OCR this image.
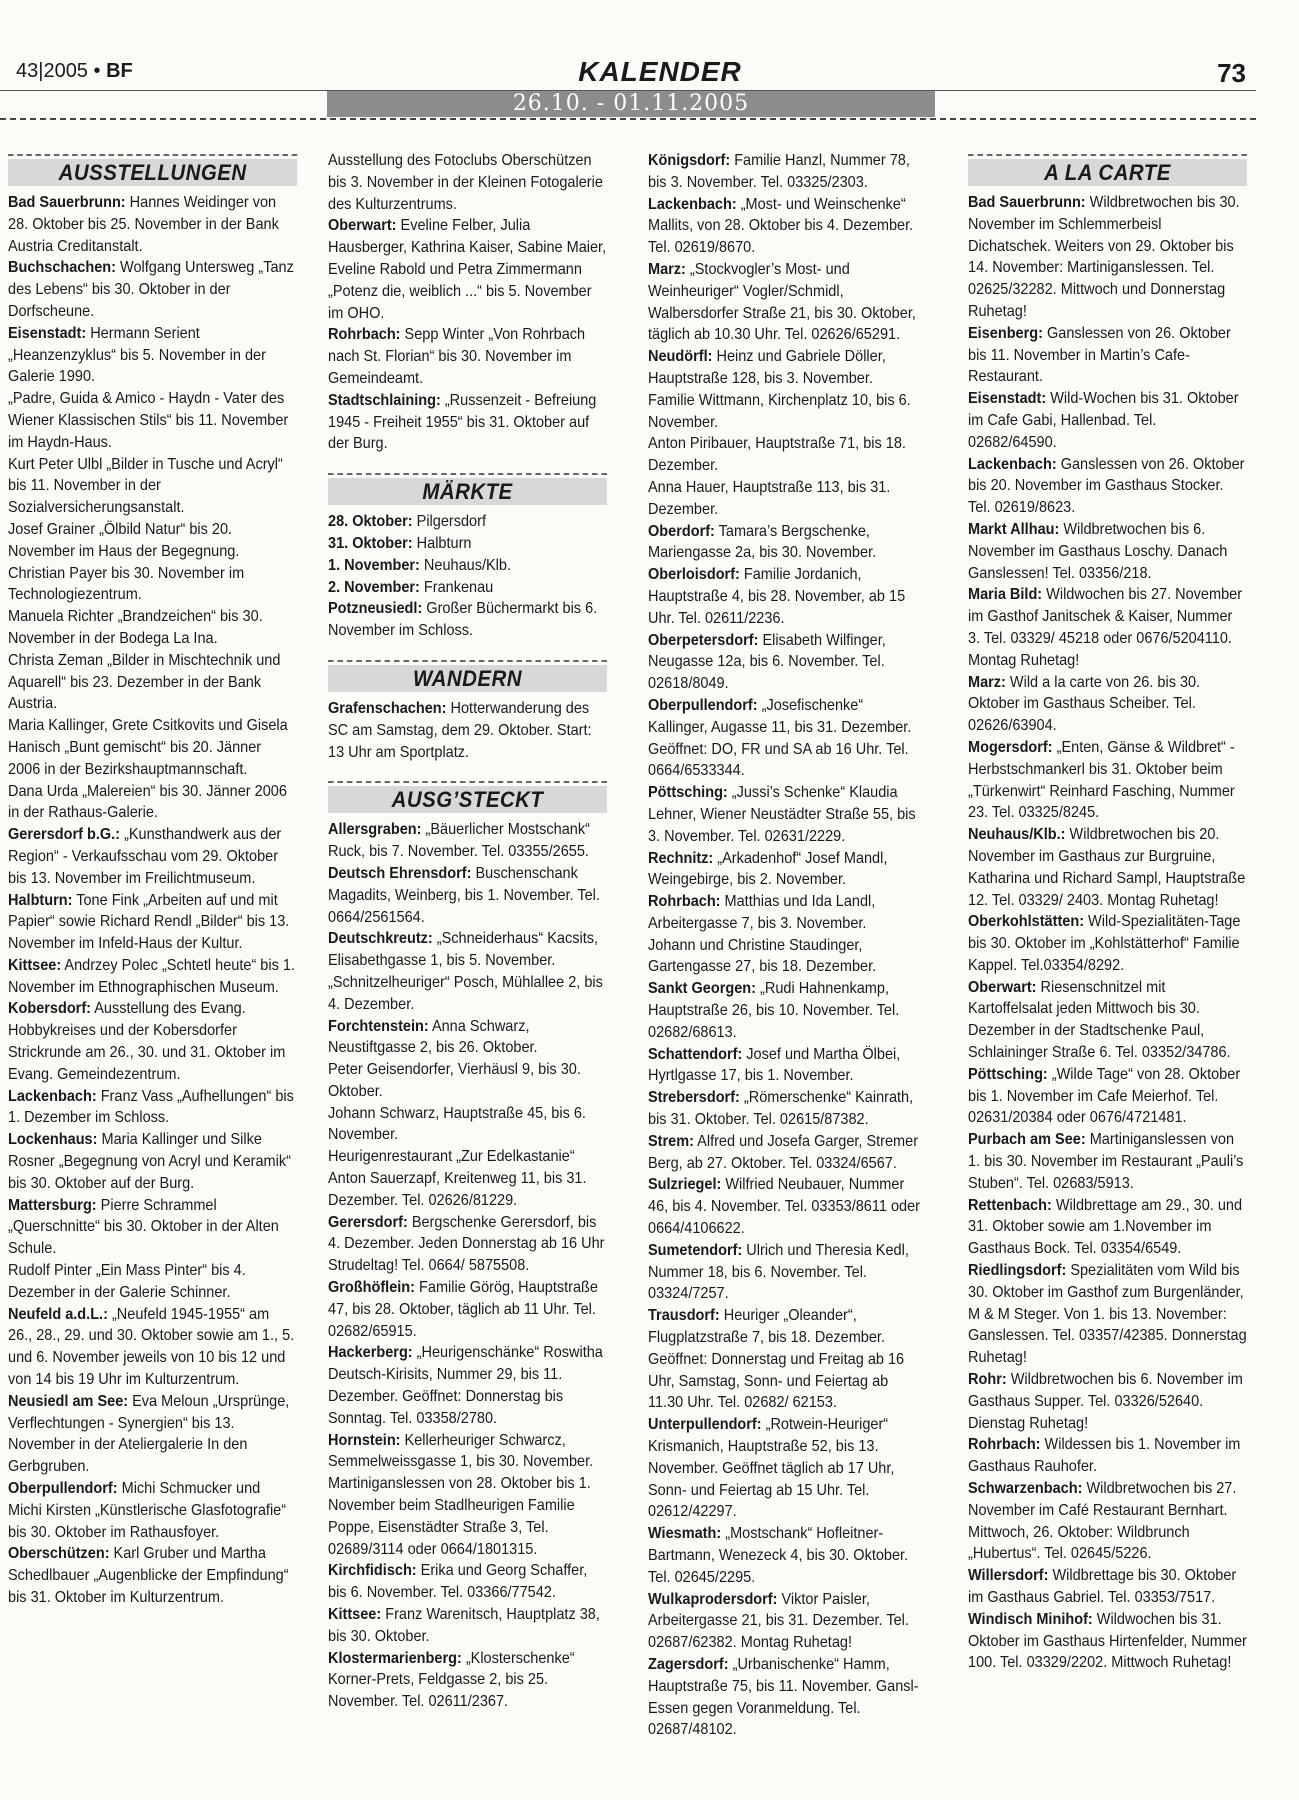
43|2005 • BF	KALENDER	73
26.10. - 01.11.2005
AUSSTELLUNGEN

Bad Sauerbrunn: Hannes Weidinger von 28. Oktober bis 25. November in der Bank Austria Creditanstalt.

Buchschachen: Wolfgang Untersweg „Tanz des Lebens“ bis 30. Oktober in der Dorfscheune.

Eisenstadt: Hermann Serient „Heanzenzyklus“ bis 5. November in der Galerie 1990.

„Padre, Guida & Amico - Haydn - Vater des Wiener Klassischen Stils“ bis 11. November im Haydn-Haus.

Kurt Peter Ulbl „Bilder in Tusche und Acryl“ bis 11. November in der Sozialversicherungsanstalt.

Josef Grainer „Ölbild Natur“ bis 20. November im Haus der Begegnung.

Christian Payer bis 30. November im Technologiezentrum.

Manuela Richter „Brandzeichen“ bis 30. November in der Bodega La Ina.

Christa Zeman „Bilder in Mischtechnik und Aquarell“ bis 23. Dezember in der Bank Austria.

Maria Kallinger, Grete Csitkovits und Gisela Hanisch „Bunt gemischt“ bis 20. Jänner 2006 in der Bezirkshauptmannschaft.

Dana Urda „Malereien“ bis 30. Jänner 2006 in der Rathaus-Galerie.

Gerersdorf b.G.: „Kunsthandwerk aus der Region“ - Verkaufsschau vom 29. Oktober bis 13. November im Freilichtmuseum.

Halbturn: Tone Fink „Arbeiten auf und mit Papier“ sowie Richard Rendl „Bilder“ bis 13. November im Infeld-Haus der Kultur.

Kittsee: Andrzey Polec „Schtetl heute“ bis 1. November im Ethnographischen Museum.

Kobersdorf: Ausstellung des Evang. Hobbykreises und der Kobersdorfer Strickrunde am 26., 30. und 31. Oktober im Evang. Gemeindezentrum.

Lackenbach: Franz Vass „Aufhellungen“ bis 1. Dezember im Schloss.

Lockenhaus: Maria Kallinger und Silke Rosner „Begegnung von Acryl und Keramik“ bis 30. Oktober auf der Burg.

Mattersburg: Pierre Schrammel „Querschnitte“ bis 30. Oktober in der Alten Schule.

Rudolf Pinter „Ein Mass Pinter“ bis 4. Dezember in der Galerie Schinner.

Neufeld a.d.L.: „Neufeld 1945-1955“ am 26., 28., 29. und 30. Oktober sowie am 1., 5. und 6. November jeweils von 10 bis 12 und von 14 bis 19 Uhr im Kulturzentrum.

Neusiedl am See: Eva Meloun „Ursprünge, Verflechtungen - Synergien“ bis 13. November in der Ateliergalerie In den Gerbgruben.

Oberpullendorf: Michi Schmucker und Michi Kirsten „Künstlerische Glasfotografie“ bis 30. Oktober im Rathausfoyer.

Oberschützen: Karl Gruber und Martha Schedlbauer „Augenblicke der Empfindung“ bis 31. Oktober im Kulturzentrum.

Ausstellung des Fotoclubs Oberschützen bis 3. November in der Kleinen Fotogalerie des Kulturzentrums.

Oberwart: Eveline Felber, Julia Hausberger, Kathrina Kaiser, Sabine Maier, Eveline Rabold und Petra Zimmermann „Potenz die, weiblich ...“ bis 5. November im OHO.

Rohrbach: Sepp Winter „Von Rohrbach nach St. Florian“ bis 30. November im Gemeindeamt.

Stadtschlaining: „Russenzeit - Befreiung 1945 - Freiheit 1955“ bis 31. Oktober auf der Burg.

MÄRKTE

28. Oktober: Pilgersdorf

31. Oktober: Halbturn

1. November: Neuhaus/Klb.

2. November: Frankenau

Potzneusiedl: Großer Büchermarkt bis 6. November im Schloss.

WANDERN

Grafenschachen: Hotterwanderung des SC am Samstag, dem 29. Oktober. Start: 13 Uhr am Sportplatz.

AUSG’STECKT

Allersgraben: „Bäuerlicher Mostschank“ Ruck, bis 7. November. Tel. 03355/2655.

Deutsch Ehrensdorf: Buschenschank Magadits, Weinberg, bis 1. November. Tel. 0664/2561564.

Deutschkreutz: „Schneiderhaus“ Kacsits, Elisabethgasse 1, bis 5. November. „Schnitzelheuriger“ Posch, Mühlallee 2, bis 4. Dezember.

Forchtenstein: Anna Schwarz, Neustiftgasse 2, bis 26. Oktober.

Peter Geisendorfer, Vierhäusl 9, bis 30. Oktober.

Johann Schwarz, Hauptstraße 45, bis 6. November.

Heurigenrestaurant „Zur Edelkastanie“ Anton Sauerzapf, Kreitenweg 11, bis 31. Dezember. Tel. 02626/81229.

Gerersdorf: Bergschenke Gerersdorf, bis 4. Dezember. Jeden Donnerstag ab 16 Uhr Strudeltag! Tel. 0664/ 5875508.

Großhöflein: Familie Görög, Hauptstraße 47, bis 28. Oktober, täglich ab 11 Uhr. Tel. 02682/65915.

Hackerberg: „Heurigenschänke“ Roswitha Deutsch-Kirisits, Nummer 29, bis 11. Dezember. Geöffnet: Donnerstag bis Sonntag. Tel. 03358/2780.

Hornstein: Kellerheuriger Schwarcz, Semmelweissgasse 1, bis 30. November. Martiniganslessen von 28. Oktober bis 1. November beim Stadlheurigen Familie Poppe, Eisenstädter Straße 3, Tel. 02689/3114 oder 0664/1801315.

Kirchfidisch: Erika und Georg Schaffer, bis 6. November. Tel. 03366/77542.

Kittsee: Franz Warenitsch, Hauptplatz 38, bis 30. Oktober.

Klostermarienberg: „Klosterschenke“ Korner-Prets, Feldgasse 2, bis 25. November. Tel. 02611/2367.

Königsdorf: Familie Hanzl, Nummer 78, bis 3. November. Tel. 03325/2303.

Lackenbach: „Most- und Weinschenke“ Mallits, von 28. Oktober bis 4. Dezember. Tel. 02619/8670.

Marz: „Stockvogler’s Most- und Weinheuriger“ Vogler/Schmidl, Walbersdorfer Straße 21, bis 30. Oktober, täglich ab 10.30 Uhr. Tel. 02626/65291.

Neudörfl: Heinz und Gabriele Döller, Hauptstraße 128, bis 3. November.

Familie Wittmann, Kirchenplatz 10, bis 6. November.

Anton Piribauer, Hauptstraße 71, bis 18. Dezember.

Anna Hauer, Hauptstraße 113, bis 31. Dezember.

Oberdorf: Tamara’s Bergschenke, Mariengasse 2a, bis 30. November.

Oberloisdorf: Familie Jordanich, Hauptstraße 4, bis 28. November, ab 15 Uhr. Tel. 02611/2236.

Oberpetersdorf: Elisabeth Wilfinger, Neugasse 12a, bis 6. November. Tel. 02618/8049.

Oberpullendorf: „Josefischenke“ Kallinger, Augasse 11, bis 31. Dezember. Geöffnet: DO, FR und SA ab 16 Uhr. Tel. 0664/6533344.

Pöttsching: „Jussi’s Schenke“ Klaudia Lehner, Wiener Neustädter Straße 55, bis 3. November. Tel. 02631/2229.

Rechnitz: „Arkadenhof“ Josef Mandl, Weingebirge, bis 2. November.

Rohrbach: Matthias und Ida Landl, Arbeitergasse 7, bis 3. November.

Johann und Christine Staudinger, Gartengasse 27, bis 18. Dezember.

Sankt Georgen: „Rudi Hahnenkamp, Hauptstraße 26, bis 10. November. Tel. 02682/68613.

Schattendorf: Josef und Martha Ölbei, Hyrtlgasse 17, bis 1. November.

Strebersdorf: „Römerschenke“ Kainrath, bis 31. Oktober. Tel. 02615/87382.

Strem: Alfred und Josefa Garger, Stremer Berg, ab 27. Oktober. Tel. 03324/6567.

Sulzriegel: Wilfried Neubauer, Nummer 46, bis 4. November. Tel. 03353/8611 oder 0664/4106622.

Sumetendorf: Ulrich und Theresia Kedl, Nummer 18, bis 6. November. Tel. 03324/7257.

Trausdorf: Heuriger „Oleander“, Flugplatzstraße 7, bis 18. Dezember. Geöffnet: Donnerstag und Freitag ab 16 Uhr, Samstag, Sonn- und Feiertag ab 11.30 Uhr. Tel. 02682/ 62153.

Unterpullendorf: „Rotwein-Heuriger“ Krismanich, Hauptstraße 52, bis 13. November. Geöffnet täglich ab 17 Uhr, Sonn- und Feiertag ab 15 Uhr. Tel. 02612/42297.

Wiesmath: „Mostschank“ Hofleitner-Bartmann, Wenezeck 4, bis 30. Oktober. Tel. 02645/2295.

Wulkaprodersdorf: Viktor Paisler, Arbeitergasse 21, bis 31. Dezember. Tel. 02687/62382. Montag Ruhetag!

Zagersdorf: „Urbanischenke“ Hamm, Hauptstraße 75, bis 11. November. Gansl-Essen gegen Voranmeldung. Tel. 02687/48102.

A LA CARTE

Bad Sauerbrunn: Wildbretwochen bis 30. November im Schlemmerbeisl Dichatschek. Weiters von 29. Oktober bis 14. November: Martiniganslessen. Tel. 02625/32282. Mittwoch und Donnerstag Ruhetag!

Eisenberg: Ganslessen von 26. Oktober bis 11. November in Martin’s Cafe-Restaurant.

Eisenstadt: Wild-Wochen bis 31. Oktober im Cafe Gabi, Hallenbad. Tel. 02682/64590.

Lackenbach: Ganslessen von 26. Oktober bis 20. November im Gasthaus Stocker. Tel. 02619/8623.

Markt Allhau: Wildbretwochen bis 6. November im Gasthaus Loschy. Danach Ganslessen! Tel. 03356/218.

Maria Bild: Wildwochen bis 27. November im Gasthof Janitschek & Kaiser, Nummer 3. Tel. 03329/ 45218 oder 0676/5204110. Montag Ruhetag!

Marz: Wild a la carte von 26. bis 30. Oktober im Gasthaus Scheiber. Tel. 02626/63904.

Mogersdorf: „Enten, Gänse & Wildbret“ - Herbstschmankerl bis 31. Oktober beim „Türkenwirt“ Reinhard Fasching, Nummer 23. Tel. 03325/8245.

Neuhaus/Klb.: Wildbretwochen bis 20. November im Gasthaus zur Burgruine, Katharina und Richard Sampl, Hauptstraße 12. Tel. 03329/ 2403. Montag Ruhetag!

Oberkohlstätten: Wild-Spezialitäten-Tage bis 30. Oktober im „Kohlstätterhof“ Familie Kappel. Tel.03354/8292.

Oberwart: Riesenschnitzel mit Kartoffelsalat jeden Mittwoch bis 30. Dezember in der Stadtschenke Paul, Schlaininger Straße 6. Tel. 03352/34786.

Pöttsching: „Wilde Tage“ von 28. Oktober bis 1. November im Cafe Meierhof. Tel. 02631/20384 oder 0676/4721481.

Purbach am See: Martiniganslessen von 1. bis 30. November im Restaurant „Pauli’s Stuben“. Tel. 02683/5913.

Rettenbach: Wildbrettage am 29., 30. und 31. Oktober sowie am 1.November im Gasthaus Bock. Tel. 03354/6549.

Riedlingsdorf: Spezialitäten vom Wild bis 30. Oktober im Gasthof zum Burgenländer, M & M Steger. Von 1. bis 13. November: Ganslessen. Tel. 03357/42385. Donnerstag Ruhetag!

Rohr: Wildbretwochen bis 6. November im Gasthaus Supper. Tel. 03326/52640. Dienstag Ruhetag!

Rohrbach: Wildessen bis 1. November im Gasthaus Rauhofer.

Schwarzenbach: Wildbretwochen bis 27. November im Café Restaurant Bernhart. Mittwoch, 26. Oktober: Wildbrunch „Hubertus“. Tel. 02645/5226.

Willersdorf: Wildbrettage bis 30. Oktober im Gasthaus Gabriel. Tel. 03353/7517.

Windisch Minihof: Wildwochen bis 31. Oktober im Gasthaus Hirtenfelder, Nummer 100. Tel. 03329/2202. Mittwoch Ruhetag!
